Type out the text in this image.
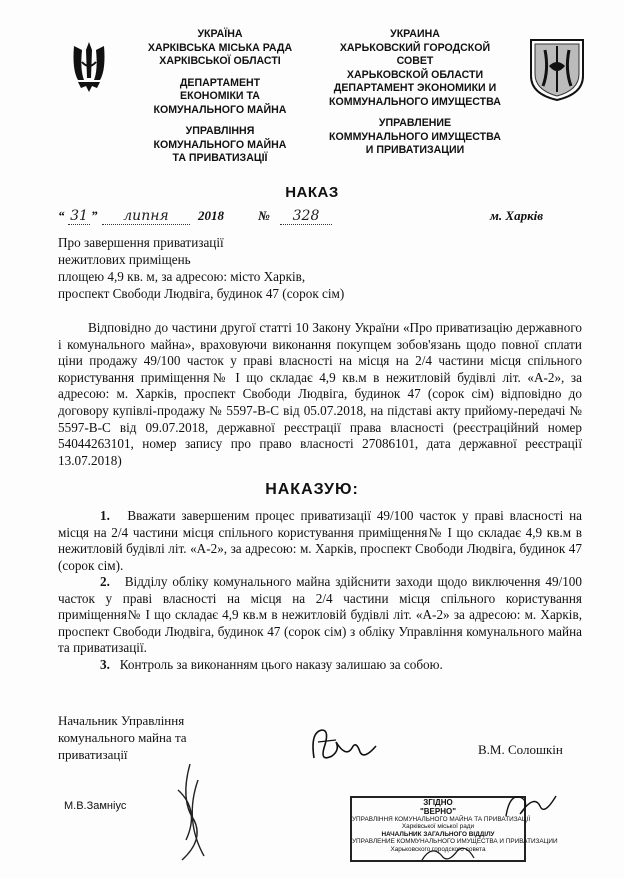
УКРАЇНА
ХАРКІВСЬКА МІСЬКА РАДА
ХАРКІВСЬКОЇ ОБЛАСТІ
ДЕПАРТАМЕНТ
ЕКОНОМІКИ ТА
КОМУНАЛЬНОГО МАЙНА
УПРАВЛІННЯ
КОМУНАЛЬНОГО МАЙНА
ТА ПРИВАТИЗАЦІЇ
УКРАИНА
ХАРЬКОВСКИЙ ГОРОДСКОЙ
СОВЕТ
ХАРЬКОВСКОЙ ОБЛАСТИ
ДЕПАРТАМЕНТ ЭКОНОМИКИ И
КОММУНАЛЬНОГО ИМУЩЕСТВА
УПРАВЛЕНИЕ
КОММУНАЛЬНОГО ИМУЩЕСТВА
И ПРИВАТИЗАЦИИ
НАКАЗ
“ 31 ”	липня	2018	№	328	м. Харків
Про завершення приватизації
нежитлових приміщень
площею 4,9 кв. м, за адресою: місто Харків,
проспект Свободи Людвіга, будинок 47 (сорок сім)
Відповідно до частини другої статті 10 Закону України «Про приватизацію державного і комунального майна», враховуючи виконання покупцем зобов'язань щодо повної сплати ціни продажу 49/100 часток у праві власності на місця на 2/4 частини місця спільного користування приміщення№ І що складає 4,9 кв.м в нежитловій будівлі літ. «А-2», за адресою: м. Харків, проспект Свободи Людвіга, будинок 47 (сорок сім) відповідно до договору купівлі-продажу № 5597-В-С від 05.07.2018, на підставі акту прийому-передачі № 5597-В-С від 09.07.2018, державної реєстрації права власності (реєстраційний номер 54044263101, номер запису про право власності 27086101, дата державної реєстрації 13.07.2018)
НАКАЗУЮ:
1. Вважати завершеним процес приватизації 49/100 часток у праві власності на місця на 2/4 частини місця спільного користування приміщення№ І що складає 4,9 кв.м в нежитловій будівлі літ. «А-2», за адресою: м. Харків, проспект Свободи Людвіга, будинок 47 (сорок сім).
2. Відділу обліку комунального майна здійснити заходи щодо виключення 49/100 часток у праві власності на місця на 2/4 частини місця спільного користування приміщення№ І що складає 4,9 кв.м в нежитловій будівлі літ. «А-2» за адресою: м. Харків, проспект Свободи Людвіга, будинок 47 (сорок сім) з обліку Управління комунального майна та приватизації.
3. Контроль за виконанням цього наказу залишаю за собою.
Начальник Управління
комунального майна та
приватизації	В.М. Солошкін
М.В.Замніус	ЗГІДНО
"ВЕРНО"
УПРАВЛІННЯ КОМУНАЛЬНОГО МАЙНА ТА ПРИВАТИЗАЦІЇ
Харківської міської ради
НАЧАЛЬНИК ЗАГАЛЬНОГО ВІДДІЛУ
УПРАВЛЕНИЕ КОММУНАЛЬНОГО ИМУЩЕСТВА И ПРИВАТИЗАЦИИ
Харьковского городского совета
